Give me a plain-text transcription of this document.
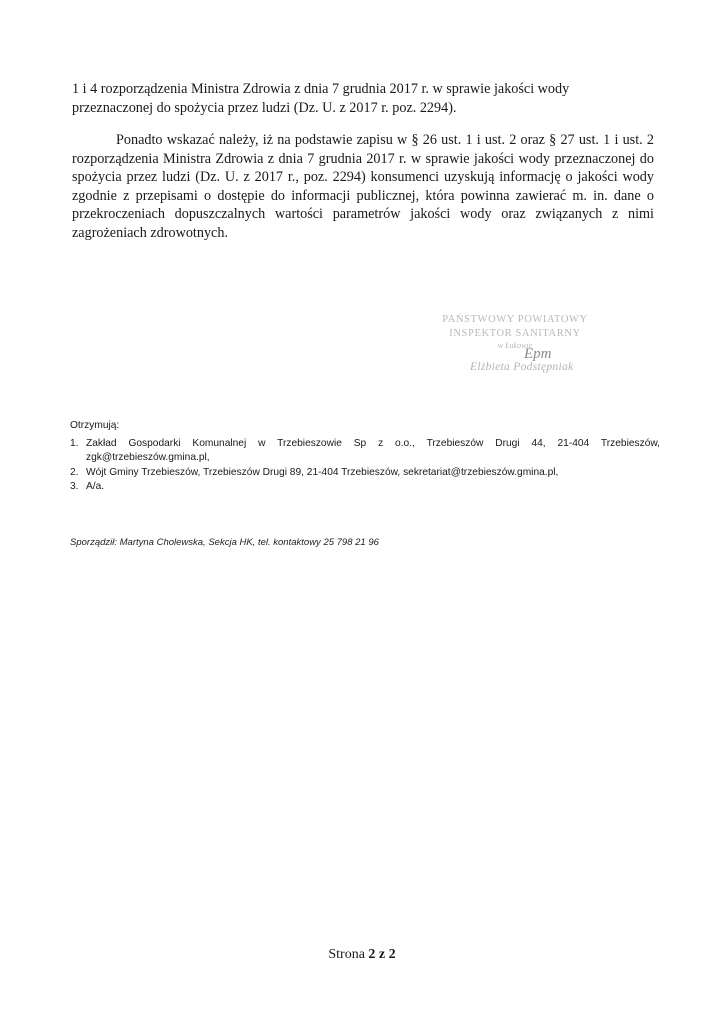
1 i 4 rozporządzenia Ministra Zdrowia z dnia 7 grudnia 2017 r. w sprawie jakości wody przeznaczonej do spożycia przez ludzi (Dz. U. z 2017 r. poz. 2294).

Ponadto wskazać należy, iż na podstawie zapisu w § 26 ust. 1 i ust. 2 oraz § 27 ust. 1 i ust. 2 rozporządzenia Ministra Zdrowia z dnia 7 grudnia 2017 r. w sprawie jakości wody przeznaczonej do spożycia przez ludzi (Dz. U. z 2017 r., poz. 2294) konsumenci uzyskują informację o jakości wody zgodnie z przepisami o dostępie do informacji publicznej, która powinna zawierać m. in. dane o przekroczeniach dopuszczalnych wartości parametrów jakości wody oraz związanych z nimi zagrożeniach zdrowotnych.

PAŃSTWOWY POWIATOWY
INSPEKTOR SANITARNY
w Łukowie
Epm
Elżbieta Podstępniak

Otrzymują:

1. Zakład Gospodarki Komunalnej w Trzebieszowie Sp z o.o., Trzebieszów Drugi 44, 21-404 Trzebieszów, zgk@trzebieszów.gmina.pl,
2. Wójt Gminy Trzebieszów, Trzebieszów Drugi 89, 21-404 Trzebieszów, sekretariat@trzebieszów.gmina.pl,
3. A/a.
Sporządził: Martyna Cholewska, Sekcja HK, tel. kontaktowy 25 798 21 96
Strona 2 z 2
